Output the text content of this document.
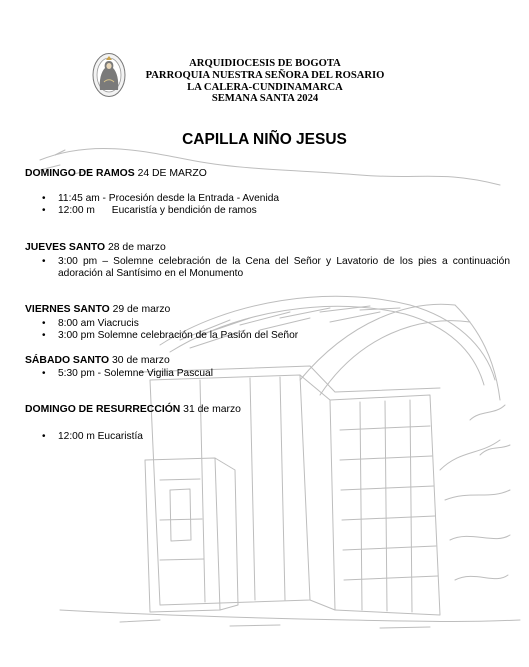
ARQUIDIOCESIS DE BOGOTA
PARROQUIA NUESTRA SEÑORA DEL ROSARIO
LA CALERA-CUNDINAMARCA
SEMANA SANTA 2024
CAPILLA NIÑO JESUS
DOMINGO DE RAMOS 24 DE MARZO
• 11:45 am - Procesión desde la Entrada - Avenida
• 12:00 m      Eucaristía y bendición de ramos
JUEVES SANTO 28 de marzo
• 3:00 pm – Solemne celebración de la Cena del Señor y Lavatorio de los pies a continuación adoración al Santísimo en el Monumento
VIERNES SANTO 29 de marzo
• 8:00 am Viacrucis
• 3:00 pm Solemne celebración de la Pasión del Señor
SÁBADO SANTO 30 de marzo
• 5:30 pm - Solemne Vigilia Pascual
DOMINGO DE RESURRECCIÓN 31 de marzo
• 12:00 m Eucaristía
